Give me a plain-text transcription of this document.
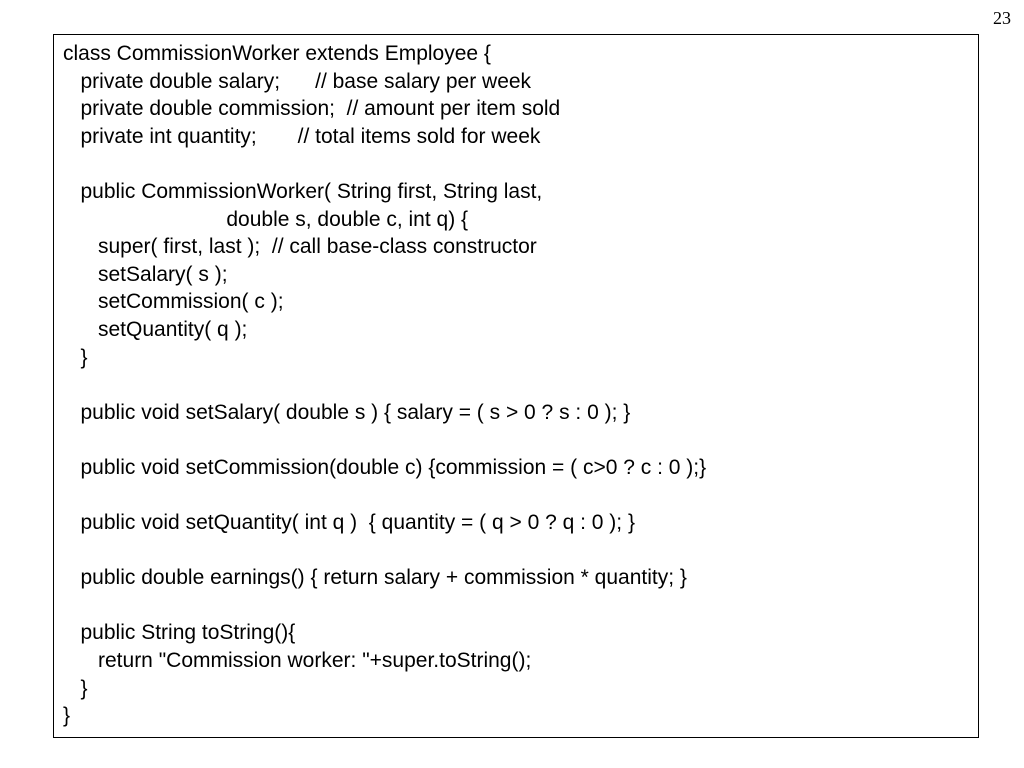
23
class CommissionWorker extends Employee {
private double salary;      // base salary per week
private double commission;  // amount per item sold
private int quantity;       // total items sold for week
public CommissionWorker( String first, String last,
double s, double c, int q) {
super( first, last );  // call base-class constructor
setSalary( s );
setCommission( c );
setQuantity( q );
}
public void setSalary( double s ) { salary = ( s > 0 ? s : 0 ); }
public void setCommission(double c) {commission = ( c>0 ? c : 0 );}
public void setQuantity( int q )  { quantity = ( q > 0 ? q : 0 ); }
public double earnings() { return salary + commission * quantity; }
public String toString(){
return "Commission worker: "+super.toString();
}
}
